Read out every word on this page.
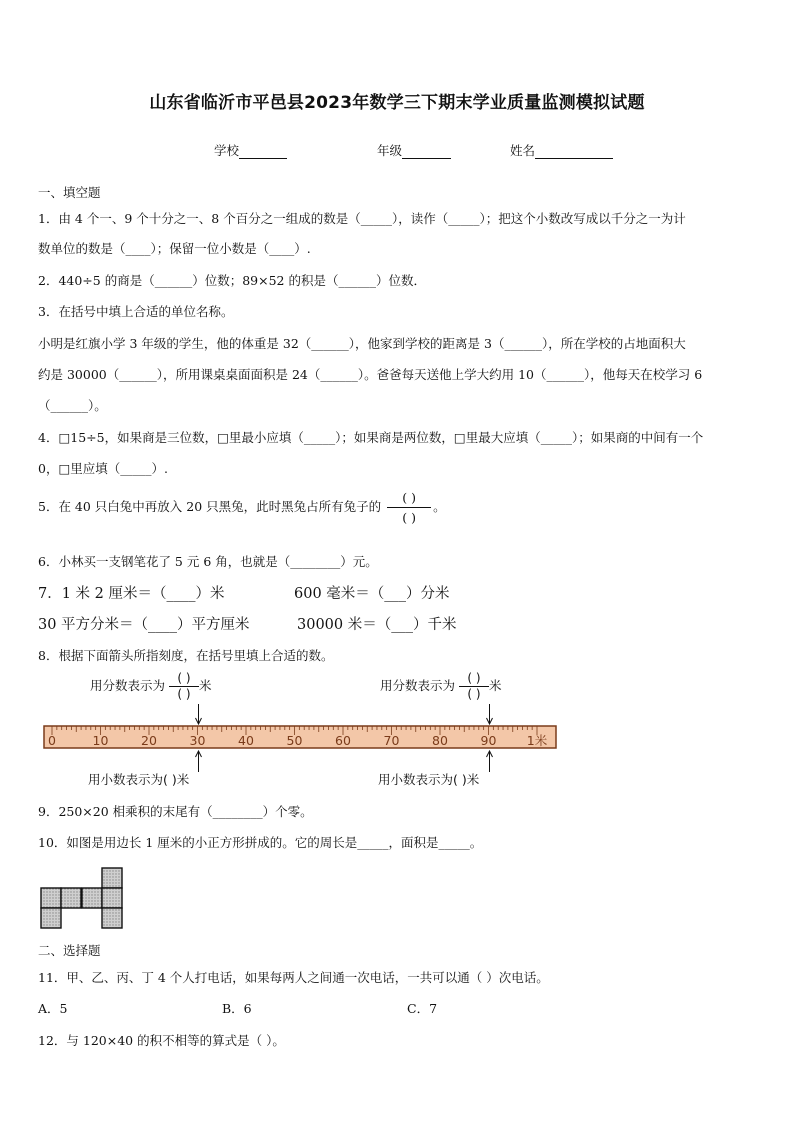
山东省临沂市平邑县2023年数学三下期末学业质量监测模拟试题
学校	年级	姓名
一、填空题
1．由 4 个一、9 个十分之一、8 个百分之一组成的数是（_____），读作（_____）；把这个小数改写成以千分之一为计
数单位的数是（____）；保留一位小数是（____）.
2．440÷5 的商是（______）位数；89×52 的积是（______）位数．
3．在括号中填上合适的单位名称。
小明是红旗小学 3 年级的学生，他的体重是 32（______），他家到学校的距离是 3（______），所在学校的占地面积大
约是 30000（______），所用课桌桌面面积是 24（______）。爸爸每天送他上学大约用 10（______），他每天在校学习 6
（______）。
4．□15÷5，如果商是三位数，□里最小应填（_____）；如果商是两位数，□里最大应填（_____）；如果商的中间有一个
0，□里应填（_____）.
5．在 40 只白兔中再放入 20 只黑兔，此时黑兔占所有兔子的 $\frac{( )}{( )}$ 。
6．小林买一支钢笔花了 5 元 6 角，也就是（________）元。
7．1 米 2 厘米＝（____）米	600 毫米＝（___）分米
30 平方分米＝（____）平方厘米	30000 米＝（___）千米
8．根据下面箭头所指刻度，在括号里填上合适的数。
用分数表示为 ( )
( )米	用分数表示为 ( )
( )米
0	10	20	30	40	50	60	70	80	90 1米
用小数表示为( )米	用小数表示为( )米
9．250×20 相乘积的末尾有（________）个零。
10．如图是用边长 1 厘米的小正方形拼成的。它的周长是_____，面积是_____。
二、选择题
11．甲、乙、丙、丁 4 个人打电话，如果每两人之间通一次电话，一共可以通（ ）次电话。
A．5	B．6	C．7
12．与 120×40 的积不相等的算式是（ ）。
